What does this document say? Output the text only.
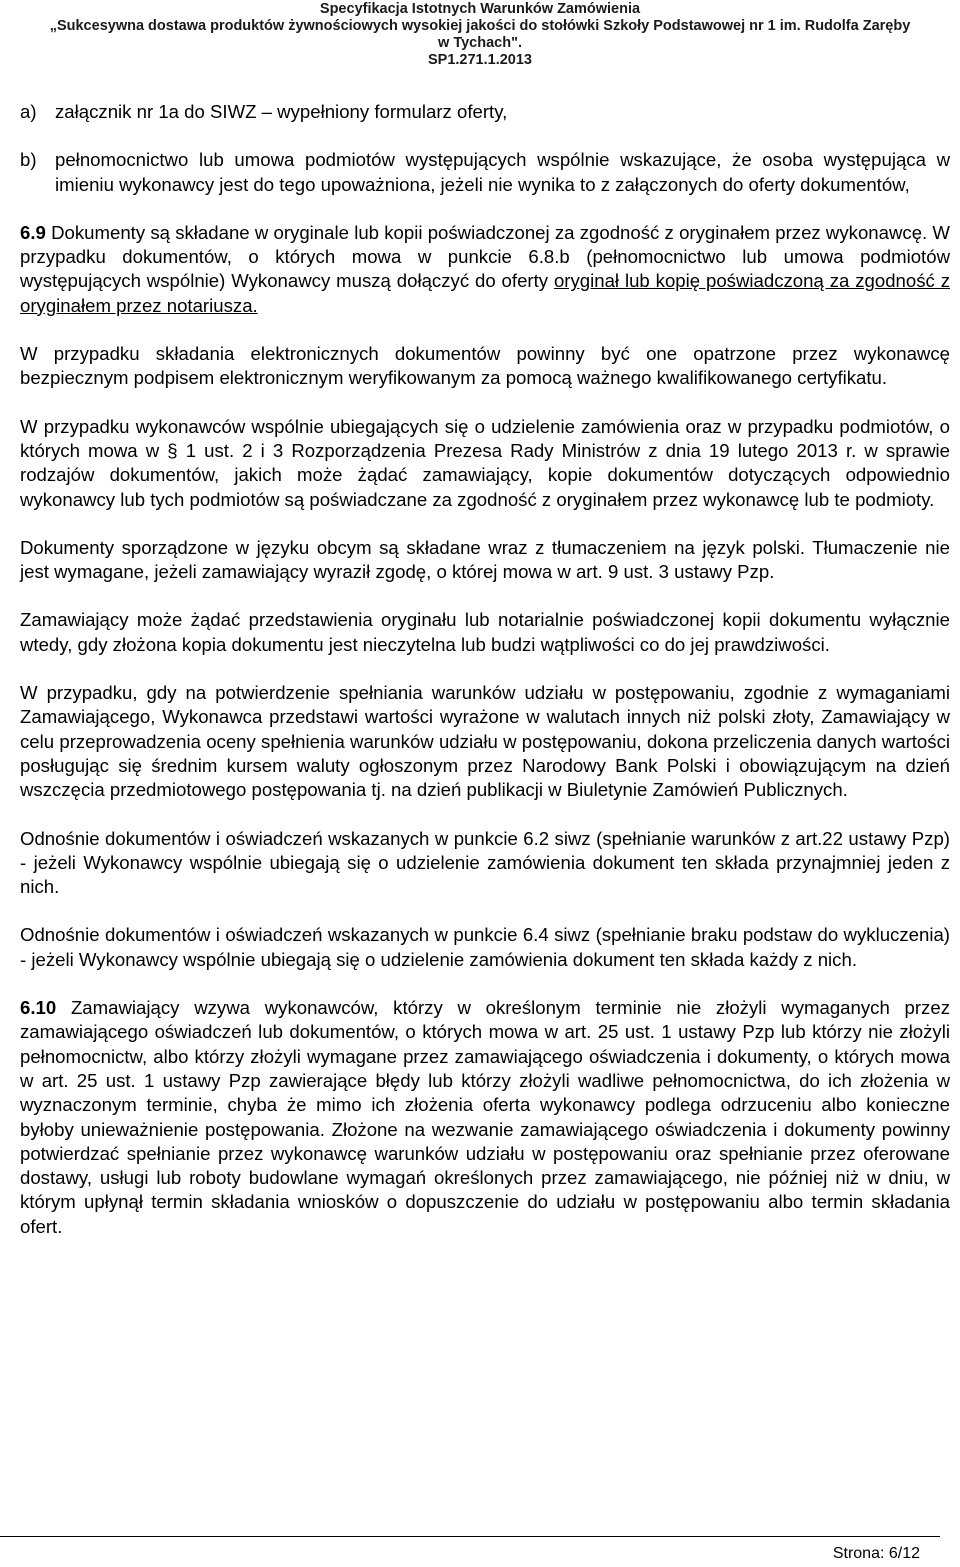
Specyfikacja Istotnych Warunków Zamówienia
„Sukcesywna dostawa produktów żywnościowych wysokiej jakości do stołówki Szkoły Podstawowej nr 1 im. Rudolfa Zaręby
w Tychach".
SP1.271.1.2013

a) załącznik nr 1a do SIWZ – wypełniony formularz oferty,

b) pełnomocnictwo lub umowa podmiotów występujących wspólnie wskazujące, że osoba występująca w imieniu wykonawcy jest do tego upoważniona, jeżeli nie wynika to z załączonych do oferty dokumentów,

6.9 Dokumenty są składane w oryginale lub kopii poświadczonej za zgodność z oryginałem przez wykonawcę. W przypadku dokumentów, o których mowa w punkcie 6.8.b (pełnomocnictwo lub umowa podmiotów występujących wspólnie) Wykonawcy muszą dołączyć do oferty oryginał lub kopię poświadczoną za zgodność z oryginałem przez notariusza.

W przypadku składania elektronicznych dokumentów powinny być one opatrzone przez wykonawcę bezpiecznym podpisem elektronicznym weryfikowanym za pomocą ważnego kwalifikowanego certyfikatu.

W przypadku wykonawców wspólnie ubiegających się o udzielenie zamówienia oraz w przypadku podmiotów, o których mowa w § 1 ust. 2 i 3 Rozporządzenia Prezesa Rady Ministrów z dnia 19 lutego 2013 r. w sprawie rodzajów dokumentów, jakich może żądać zamawiający, kopie dokumentów dotyczących odpowiednio wykonawcy lub tych podmiotów są poświadczane za zgodność z oryginałem przez wykonawcę lub te podmioty.

Dokumenty sporządzone w języku obcym są składane wraz z tłumaczeniem na język polski. Tłumaczenie nie jest wymagane, jeżeli zamawiający wyraził zgodę, o której mowa w art. 9 ust. 3 ustawy Pzp.

Zamawiający może żądać przedstawienia oryginału lub notarialnie poświadczonej kopii dokumentu wyłącznie wtedy, gdy złożona kopia dokumentu jest nieczytelna lub budzi wątpliwości co do jej prawdziwości.

W przypadku, gdy na potwierdzenie spełniania warunków udziału w postępowaniu, zgodnie z wymaganiami Zamawiającego, Wykonawca przedstawi wartości wyrażone w walutach innych niż polski złoty, Zamawiający w celu przeprowadzenia oceny spełnienia warunków udziału w postępowaniu, dokona przeliczenia danych wartości posługując się średnim kursem waluty ogłoszonym przez Narodowy Bank Polski i obowiązującym na dzień wszczęcia przedmiotowego postępowania tj. na dzień publikacji w Biuletynie Zamówień Publicznych.

Odnośnie dokumentów i oświadczeń wskazanych w punkcie 6.2 siwz (spełnianie warunków z art.22 ustawy Pzp) - jeżeli Wykonawcy wspólnie ubiegają się o udzielenie zamówienia dokument ten składa przynajmniej jeden z nich.

Odnośnie dokumentów i oświadczeń wskazanych w punkcie 6.4 siwz (spełnianie braku podstaw do wykluczenia) - jeżeli Wykonawcy wspólnie ubiegają się o udzielenie zamówienia dokument ten składa każdy z nich.

6.10 Zamawiający wzywa wykonawców, którzy w określonym terminie nie złożyli wymaganych przez zamawiającego oświadczeń lub dokumentów, o których mowa w art. 25 ust. 1 ustawy Pzp lub którzy nie złożyli pełnomocnictw, albo którzy złożyli wymagane przez zamawiającego oświadczenia i dokumenty, o których mowa w art. 25 ust. 1 ustawy Pzp zawierające błędy lub którzy złożyli wadliwe pełnomocnictwa, do ich złożenia w wyznaczonym terminie, chyba że mimo ich złożenia oferta wykonawcy podlega odrzuceniu albo konieczne byłoby unieważnienie postępowania. Złożone na wezwanie zamawiającego oświadczenia i dokumenty powinny potwierdzać spełnianie przez wykonawcę warunków udziału w postępowaniu oraz spełnianie przez oferowane dostawy, usługi lub roboty budowlane wymagań określonych przez zamawiającego, nie później niż w dniu, w którym upłynął termin składania wniosków o dopuszczenie do udziału w postępowaniu albo termin składania ofert.

Strona: 6/12
